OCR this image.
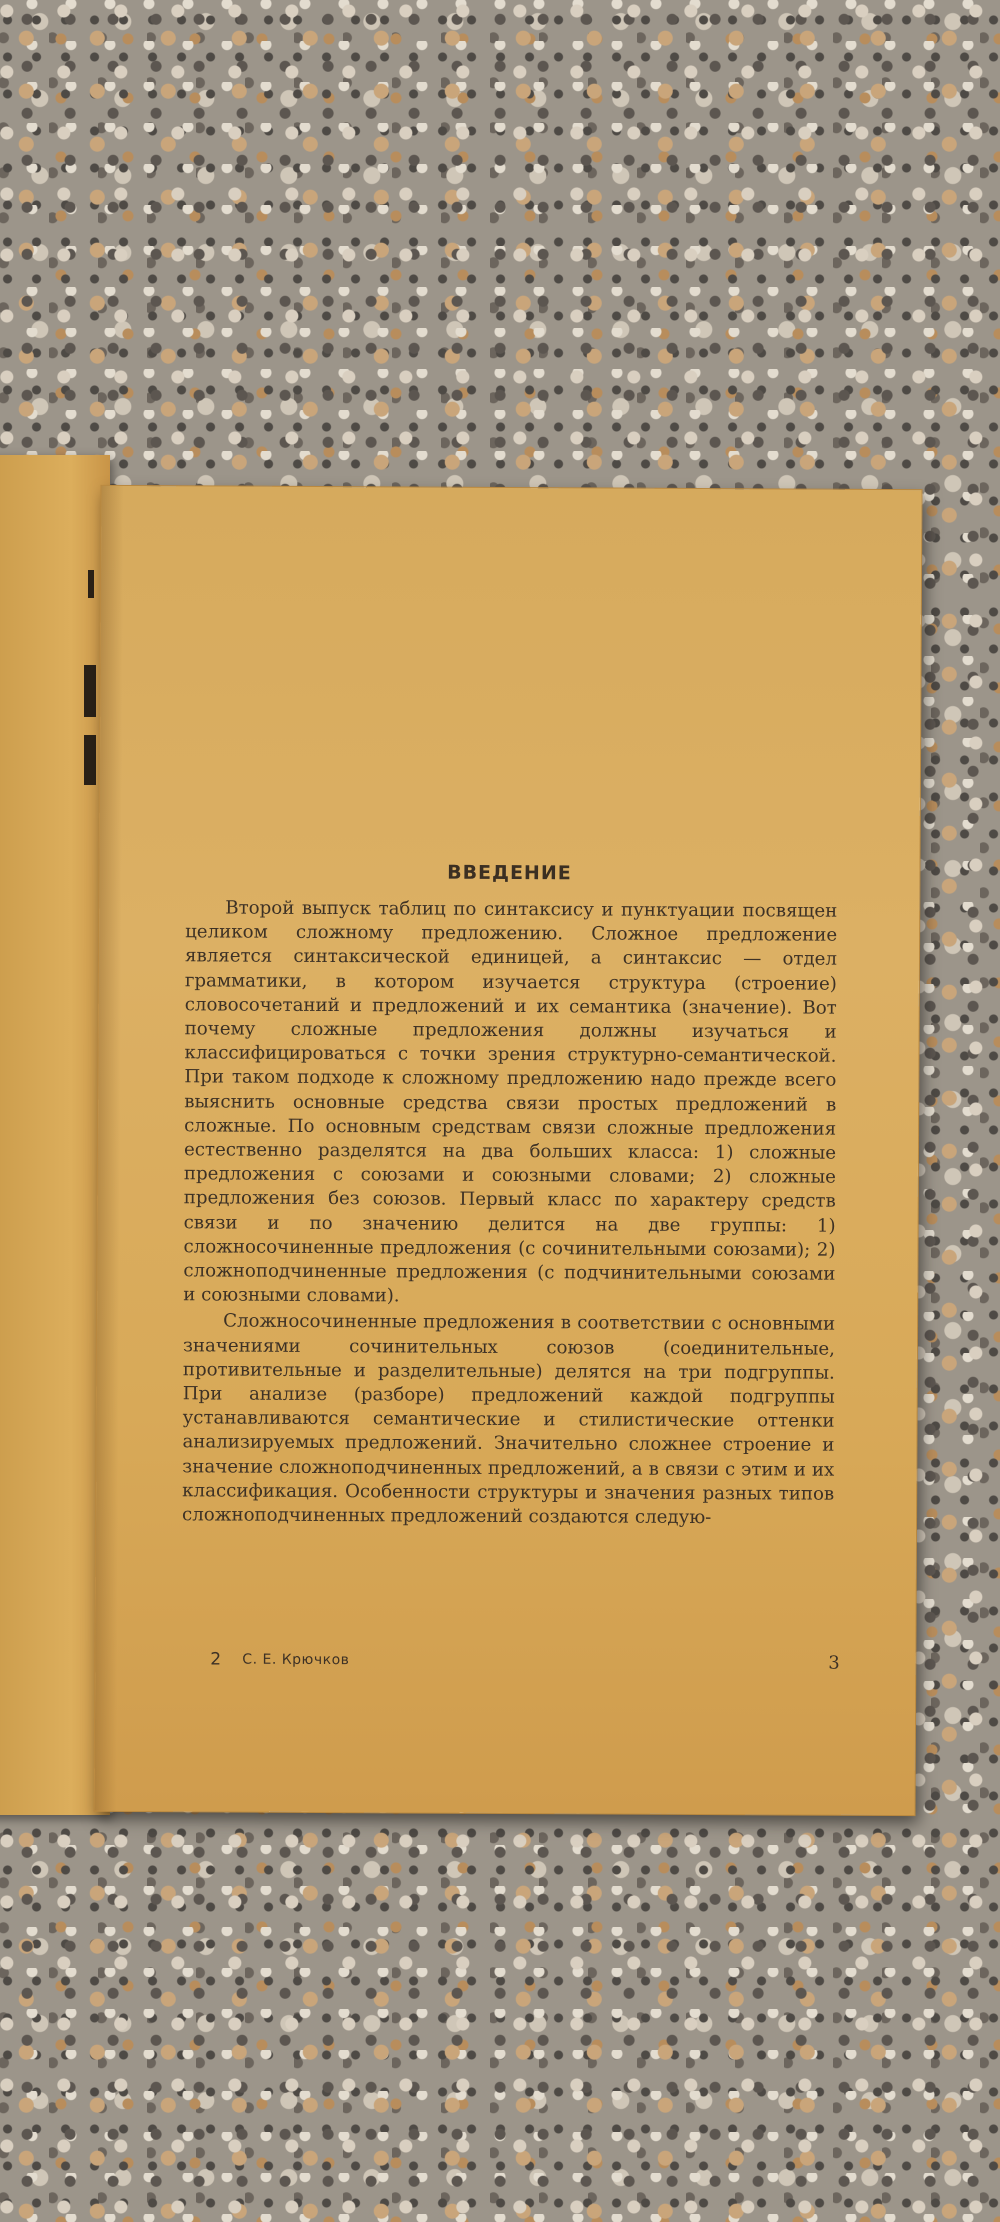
ВВЕДЕНИЕ

Второй выпуск таблиц по синтаксису и пунктуации посвящен целиком сложному предложению. Сложное предложение является синтаксической единицей, а синтаксис — отдел грамматики, в котором изучается структура (строение) словосочетаний и предложений и их семантика (значение). Вот почему сложные предложения должны изучаться и классифицироваться с точки зрения структурно-семантической. При таком подходе к сложному предложению надо прежде всего выяснить основные средства связи простых предложений в сложные. По основным средствам связи сложные предложения естественно разделятся на два больших класса: 1) сложные предложения с союзами и союзными словами; 2) сложные предложения без союзов. Первый класс по характеру средств связи и по значению делится на две группы: 1) сложносочиненные предложения (с сочинительными союзами); 2) сложноподчиненные предложения (с подчинительными союзами и союзными словами).

Сложносочиненные предложения в соответствии с основными значениями сочинительных союзов (соединительные, противительные и разделительные) делятся на три подгруппы. При анализе (разборе) предложений каждой подгруппы устанавливаются семантические и стилистические оттенки анализируемых предложений. Значительно сложнее строение и значение сложноподчиненных предложений, а в связи с этим и их классификация. Особенности структуры и значения разных типов сложноподчиненных предложений создаются следую-

2 С. Е. Крючков	3
